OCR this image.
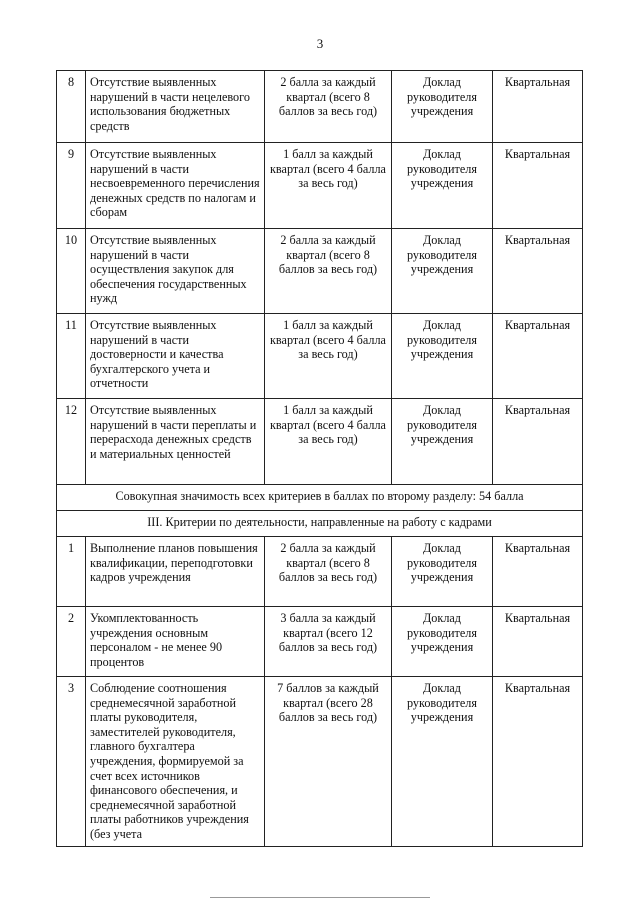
3
8	Отсутствие выявленных нарушений в части нецелевого использования бюджетных средств	2 балла за каждый квартал (всего 8 баллов за весь год)	Доклад руководителя учреждения	Квартальная
9	Отсутствие выявленных нарушений в части несвоевременного перечисления денежных средств по налогам и сборам	1 балл за каждый квартал (всего 4 балла за весь год)	Доклад руководителя учреждения	Квартальная
10	Отсутствие выявленных нарушений в части осуществления закупок для обеспечения государственных нужд	2 балла за каждый квартал (всего 8 баллов за весь год)	Доклад руководителя учреждения	Квартальная
11	Отсутствие выявленных нарушений в части достоверности и качества бухгалтерского учета и отчетности	1 балл за каждый квартал (всего 4 балла за весь год)	Доклад руководителя учреждения	Квартальная
12	Отсутствие выявленных нарушений в части переплаты и перерасхода денежных средств и материальных ценностей	1 балл за каждый квартал (всего 4 балла за весь год)	Доклад руководителя учреждения	Квартальная
Совокупная значимость всех критериев в баллах по второму разделу: 54 балла				
III. Критерии по деятельности, направленные на работу с кадрами				
1	Выполнение планов повышения квалификации, переподготовки кадров учреждения	2 балла за каждый квартал (всего 8 баллов за весь год)	Доклад руководителя учреждения	Квартальная
2	Укомплектованность учреждения основным персоналом - не менее 90 процентов	3 балла за каждый квартал (всего 12 баллов за весь год)	Доклад руководителя учреждения	Квартальная
3	Соблюдение соотношения среднемесячной заработной платы руководителя, заместителей руководителя, главного бухгалтера учреждения, формируемой за счет всех источников финансового обеспечения, и среднемесячной заработной платы работников учреждения (без учета	7 баллов за каждый квартал (всего 28 баллов за весь год)	Доклад руководителя учреждения	Квартальная
